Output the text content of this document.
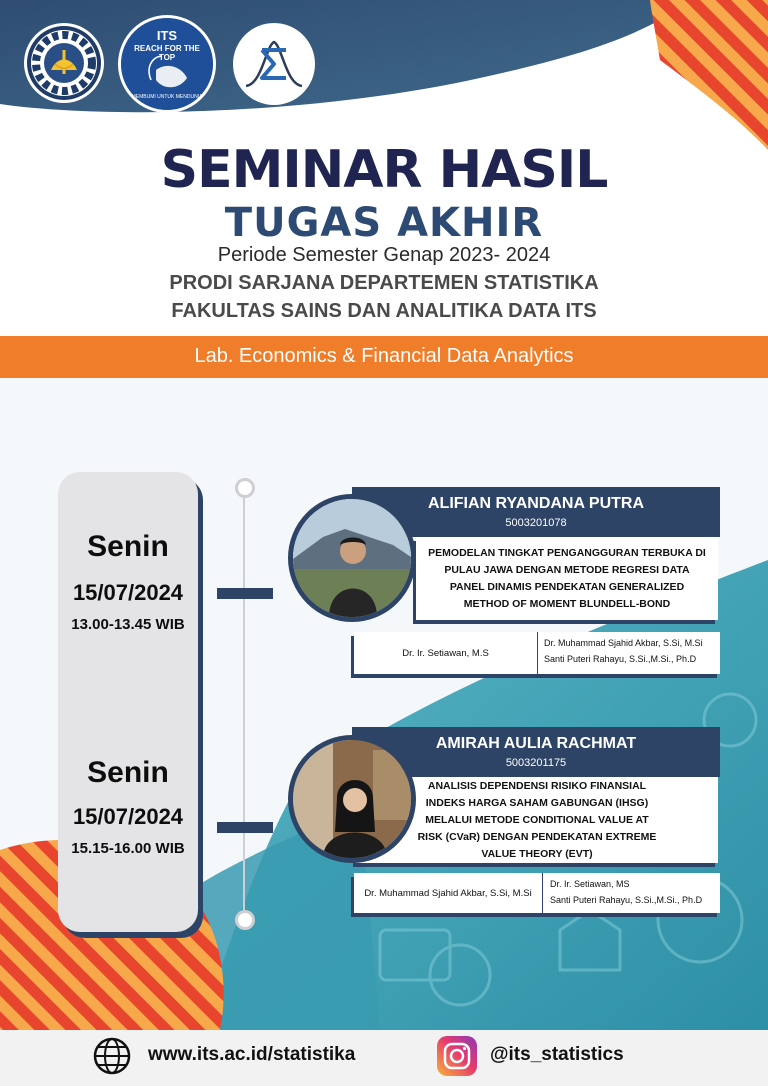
ITS
REACH FOR THE TOP
MEMBUMI UNTUK MENDUNIA
SEMINAR HASIL
TUGAS AKHIR
Periode Semester Genap 2023- 2024
PRODI SARJANA DEPARTEMEN STATISTIKA
FAKULTAS SAINS DAN ANALITIKA DATA ITS
Lab. Economics & Financial Data Analytics
Senin
15/07/2024
13.00-13.45 WIB
Senin
15/07/2024
15.15-16.00 WIB
ALIFIAN RYANDANA PUTRA
5003201078
PEMODELAN TINGKAT PENGANGGURAN TERBUKA DI PULAU JAWA DENGAN METODE REGRESI DATA PANEL DINAMIS PENDEKATAN GENERALIZED METHOD OF MOMENT BLUNDELL-BOND
Dr. Ir. Setiawan, M.S
Dr. Muhammad Sjahid Akbar, S.Si, M.Si
Santi Puteri Rahayu, S.Si.,M.Si., Ph.D
AMIRAH AULIA RACHMAT
5003201175
ANALISIS DEPENDENSI RISIKO FINANSIAL INDEKS HARGA SAHAM GABUNGAN (IHSG) MELALUI METODE CONDITIONAL VALUE AT RISK (CVaR) DENGAN PENDEKATAN EXTREME VALUE THEORY (EVT)
Dr. Muhammad Sjahid Akbar, S.Si, M.Si
Dr. Ir. Setiawan, MS
Santi Puteri Rahayu, S.Si.,M.Si., Ph.D
www.its.ac.id/statistika	@its_statistics
